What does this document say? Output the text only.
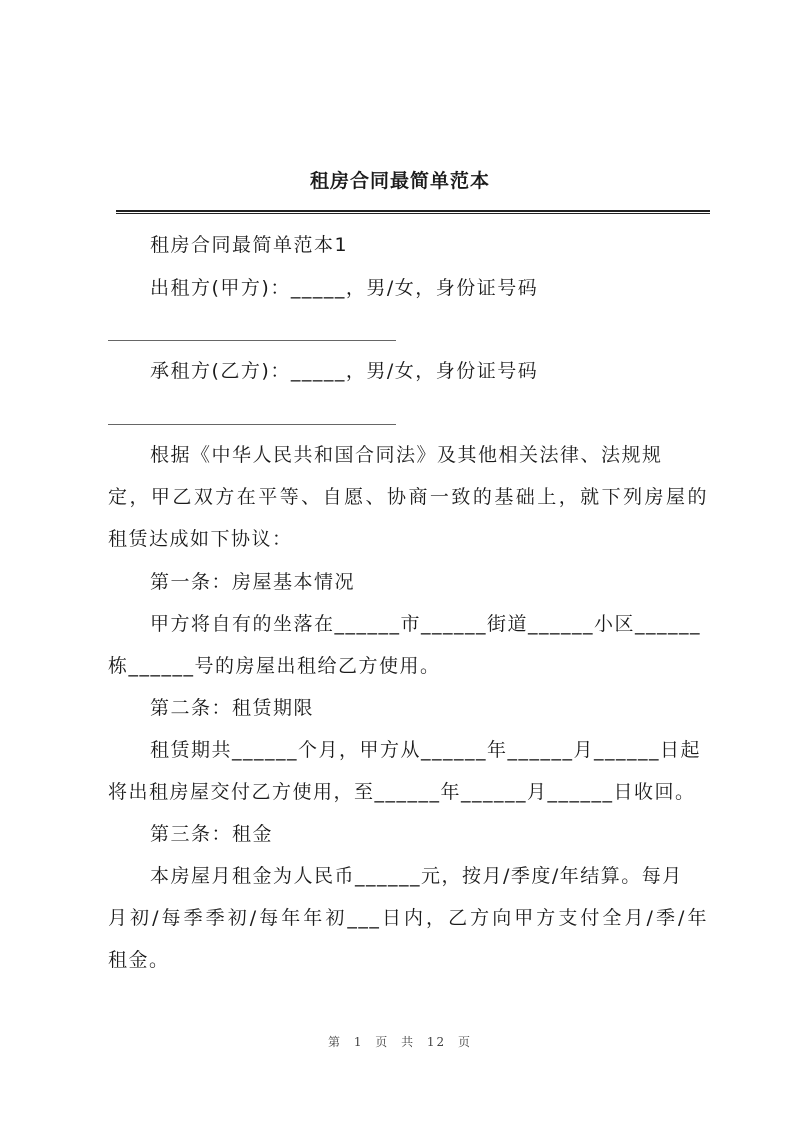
租房合同最简单范本
租房合同最简单范本1
出租方(甲方)：_____，男/女，身份证号码
承租方(乙方)：_____，男/女，身份证号码
根据《中华人民共和国合同法》及其他相关法律、法规规
定，甲乙双方在平等、自愿、协商一致的基础上，就下列房屋的
租赁达成如下协议：
第一条：房屋基本情况
甲方将自有的坐落在______市______街道______小区______
栋______号的房屋出租给乙方使用。
第二条：租赁期限
租赁期共______个月，甲方从______年______月______日起
将出租房屋交付乙方使用，至______年______月______日收回。
第三条：租金
本房屋月租金为人民币______元，按月/季度/年结算。每月
月初/每季季初/每年年初___日内，乙方向甲方支付全月/季/年
租金。
第 1 页 共 12 页
